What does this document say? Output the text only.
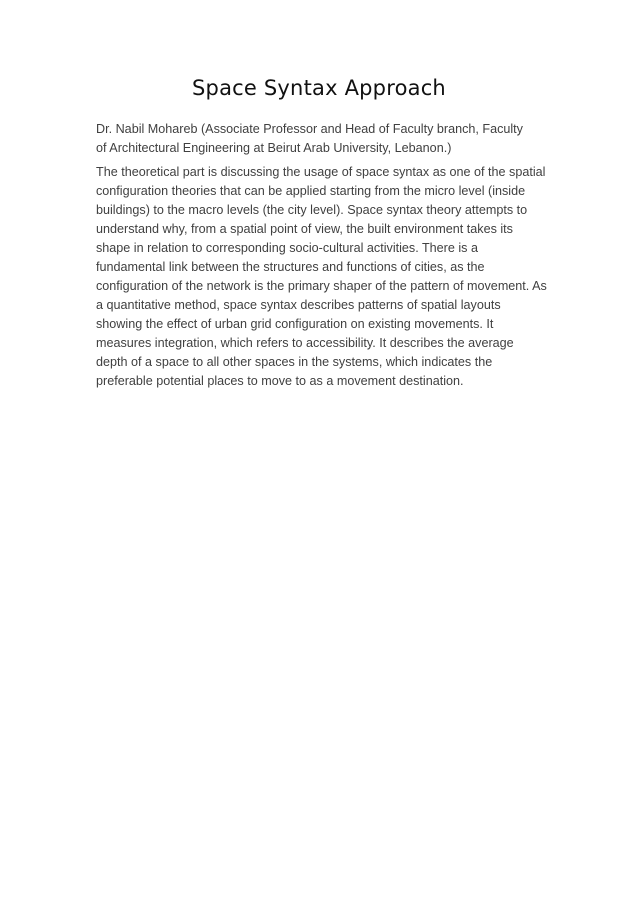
Space Syntax Approach

Dr. Nabil Mohareb (Associate Professor and Head of Faculty branch, Faculty of Architectural Engineering at Beirut Arab University, Lebanon.)

The theoretical part is discussing the usage of space syntax as one of the spatial configuration theories that can be applied starting from the micro level (inside buildings) to the macro levels (the city level). Space syntax theory attempts to understand why, from a spatial point of view, the built environment takes its shape in relation to corresponding socio-cultural activities. There is a fundamental link between the structures and functions of cities, as the configuration of the network is the primary shaper of the pattern of movement. As a quantitative method, space syntax describes patterns of spatial layouts showing the effect of urban grid configuration on existing movements. It measures integration, which refers to accessibility. It describes the average depth of a space to all other spaces in the systems, which indicates the preferable potential places to move to as a movement destination.
